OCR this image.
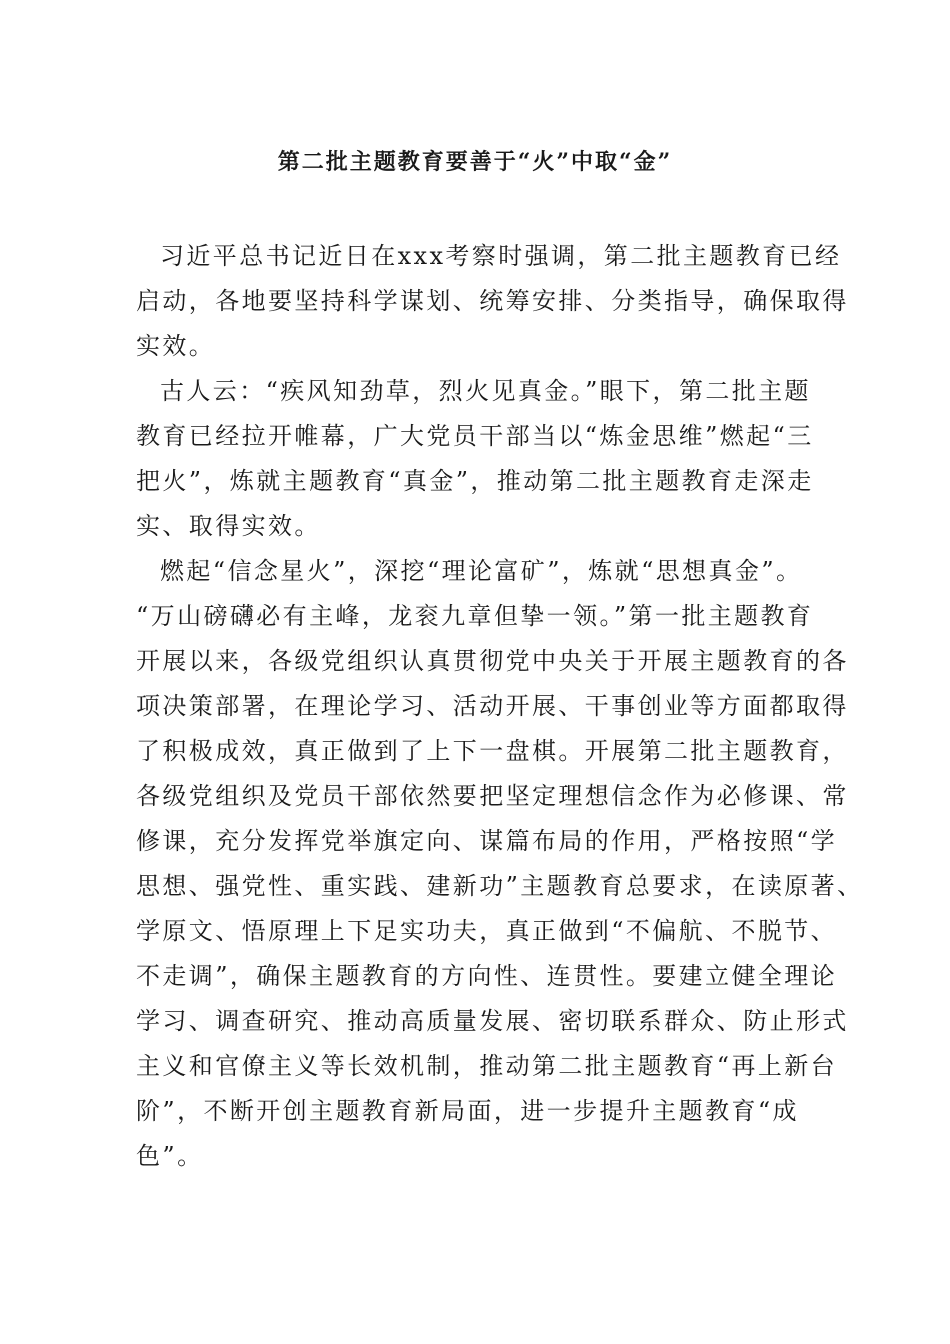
第二批主题教育要善于“火”中取“金”
习近平总书记近日在xxx考察时强调，第二批主题教育已经
启动，各地要坚持科学谋划、统筹安排、分类指导，确保取得
实效。
古人云：“疾风知劲草，烈火见真金。”眼下，第二批主题
教育已经拉开帷幕，广大党员干部当以“炼金思维”燃起“三
把火”，炼就主题教育“真金”，推动第二批主题教育走深走
实、取得实效。
燃起“信念星火”，深挖“理论富矿”，炼就“思想真金”。
“万山磅礴必有主峰，龙衮九章但挚一领。”第一批主题教育
开展以来，各级党组织认真贯彻党中央关于开展主题教育的各
项决策部署，在理论学习、活动开展、干事创业等方面都取得
了积极成效，真正做到了上下一盘棋。开展第二批主题教育，
各级党组织及党员干部依然要把坚定理想信念作为必修课、常
修课，充分发挥党举旗定向、谋篇布局的作用，严格按照“学
思想、强党性、重实践、建新功”主题教育总要求，在读原著、
学原文、悟原理上下足实功夫，真正做到“不偏航、不脱节、
不走调”，确保主题教育的方向性、连贯性。要建立健全理论
学习、调查研究、推动高质量发展、密切联系群众、防止形式
主义和官僚主义等长效机制，推动第二批主题教育“再上新台
阶”，不断开创主题教育新局面，进一步提升主题教育“成
色”。
